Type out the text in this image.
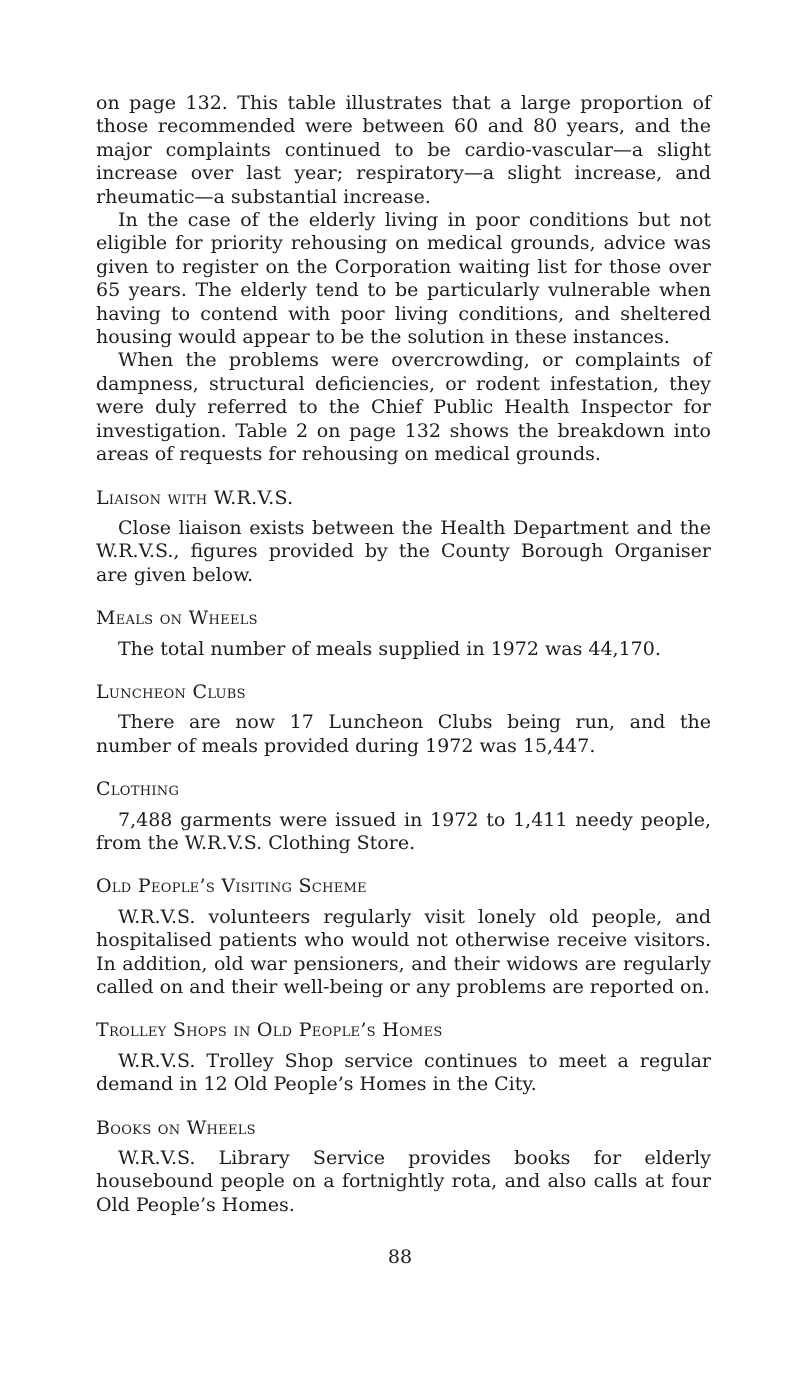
on page 132. This table illustrates that a large proportion of those recommended were between 60 and 80 years, and the major complaints continued to be cardio-vascular—a slight increase over last year; respiratory—a slight increase, and rheumatic—a substantial increase.

In the case of the elderly living in poor conditions but not eligible for priority rehousing on medical grounds, advice was given to register on the Corporation waiting list for those over 65 years. The elderly tend to be particularly vulnerable when having to contend with poor living conditions, and sheltered housing would appear to be the solution in these instances.

When the problems were overcrowding, or complaints of dampness, structural deficiencies, or rodent infestation, they were duly referred to the Chief Public Health Inspector for investigation. Table 2 on page 132 shows the breakdown into areas of requests for rehousing on medical grounds.

Liaison with W.R.V.S.

Close liaison exists between the Health Department and the W.R.V.S., figures provided by the County Borough Organiser are given below.

Meals on Wheels

The total number of meals supplied in 1972 was 44,170.

Luncheon Clubs

There are now 17 Luncheon Clubs being run, and the number of meals provided during 1972 was 15,447.

Clothing

7,488 garments were issued in 1972 to 1,411 needy people, from the W.R.V.S. Clothing Store.

Old People’s Visiting Scheme

W.R.V.S. volunteers regularly visit lonely old people, and hospitalised patients who would not otherwise receive visitors. In addition, old war pensioners, and their widows are regularly called on and their well-being or any problems are reported on.

Trolley Shops in Old People’s Homes

W.R.V.S. Trolley Shop service continues to meet a regular demand in 12 Old People’s Homes in the City.

Books on Wheels

W.R.V.S. Library Service provides books for elderly housebound people on a fortnightly rota, and also calls at four Old People’s Homes.

88
